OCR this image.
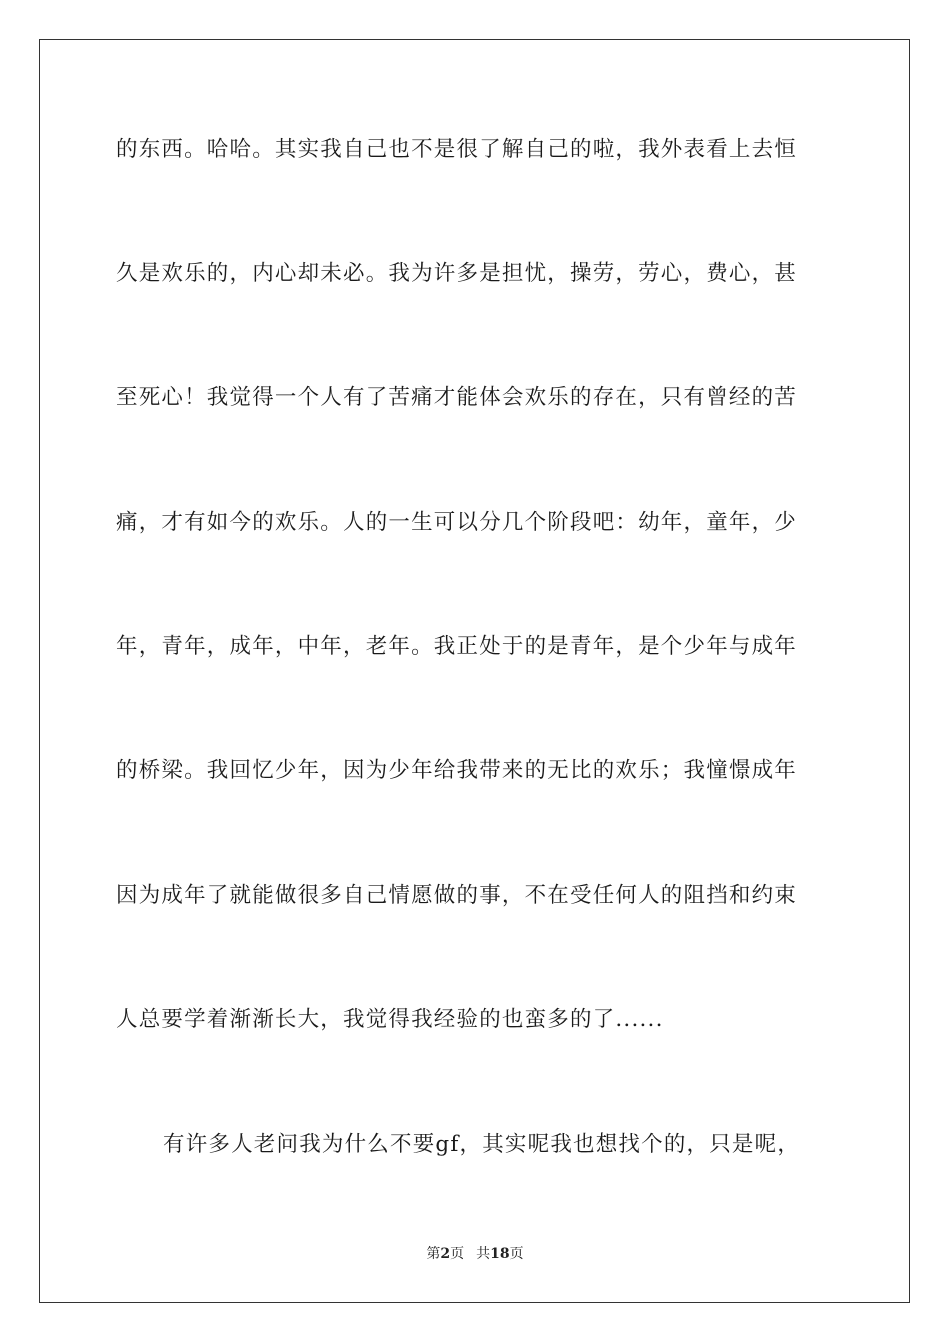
的东西。哈哈。其实我自己也不是很了解自己的啦，我外表看上去恒
久是欢乐的，内心却未必。我为许多是担忧，操劳，劳心，费心，甚
至死心！我觉得一个人有了苦痛才能体会欢乐的存在，只有曾经的苦
痛，才有如今的欢乐。人的一生可以分几个阶段吧：幼年，童年，少
年，青年，成年，中年，老年。我正处于的是青年，是个少年与成年
的桥梁。我回忆少年，因为少年给我带来的无比的欢乐；我憧憬成年
因为成年了就能做很多自己情愿做的事，不在受任何人的阻挡和约束
人总要学着渐渐长大，我觉得我经验的也蛮多的了......
有许多人老问我为什么不要gf，其实呢我也想找个的，只是呢，
第2页 共18页
